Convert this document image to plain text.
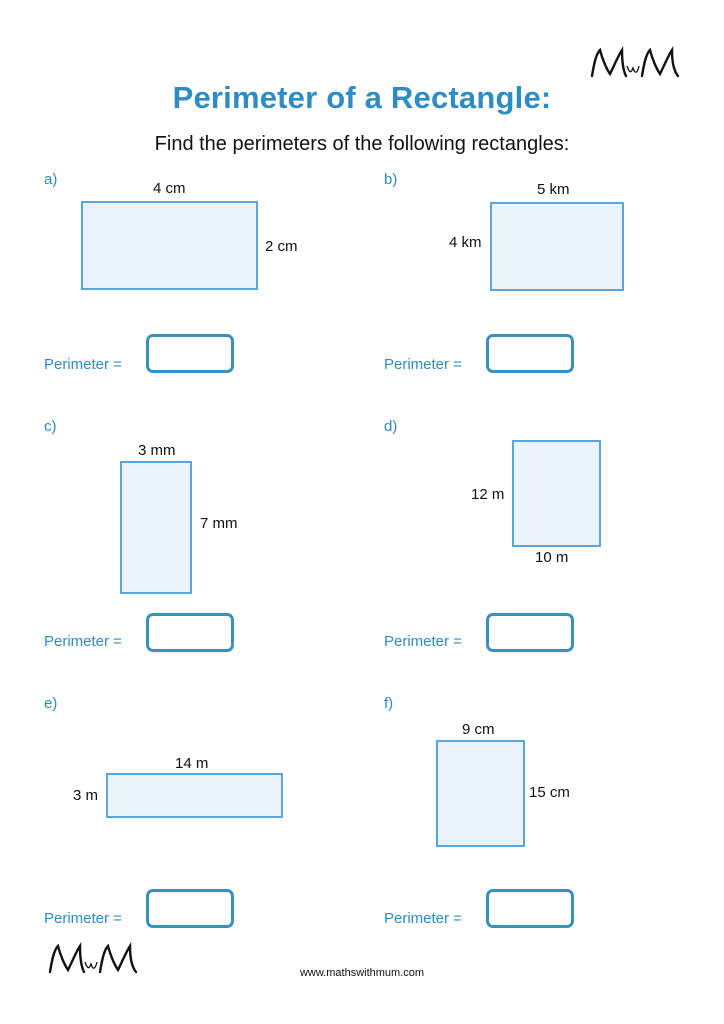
Perimeter of a Rectangle:
Find the perimeters of the following rectangles:
a)
4 cm
2 cm
Perimeter =
b)
5 km
4 km
Perimeter =
c)
3 mm
7 mm
Perimeter =
d)
12 m
10 m
Perimeter =
e)
14 m
3 m
Perimeter =
f)
9 cm
15 cm
Perimeter =
www.mathswithmum.com
